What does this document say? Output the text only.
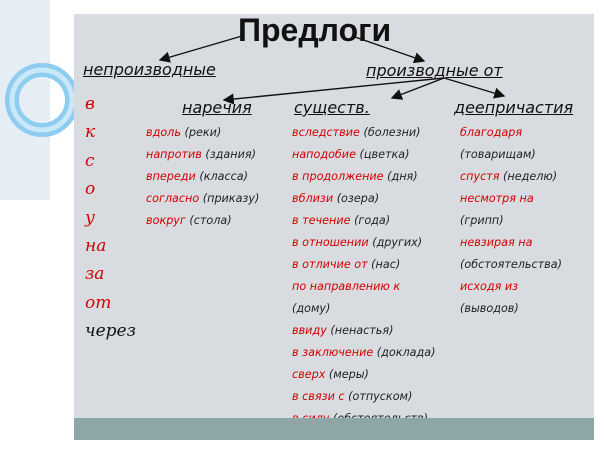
Предлоги
непроизводные	производные от
наречия	существ.	деепричастия
в
к
с
о
у
на
за
от
через
вдоль (реки)
напротив (здания)
впереди (класса)
согласно (приказу)
вокруг (стола)
вследствие (болезни)
наподобие (цветка)
в продолжение (дня)
вблизи (озера)
в течение (года)
в отношении (других)
в отличие от (нас)
по направлению к
(дому)
ввиду (ненастья)
в заключение (доклада)
сверх (меры)
в связи с (отпуском)
благодаря
(товарищам)
спустя (неделю)
несмотря на
(грипп)
невзирая на
(обстоятельства)
исходя из
(выводов)
